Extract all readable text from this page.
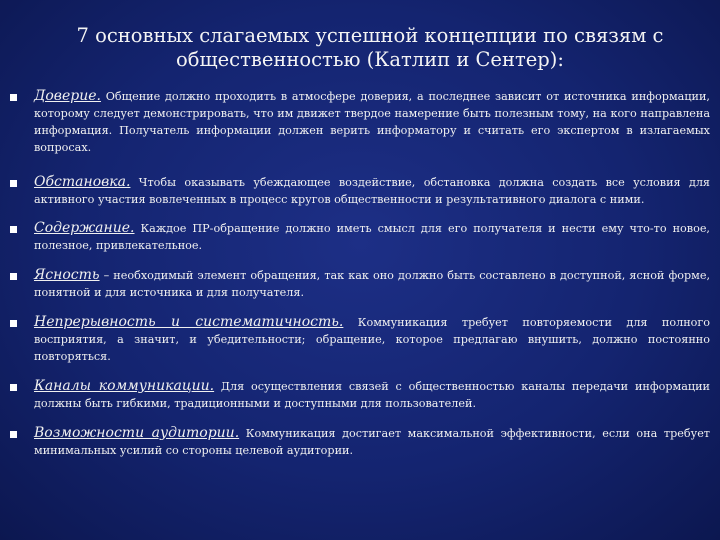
7 основных слагаемых успешной концепции по связям с общественностью (Катлип и Сентер):
Доверие. Общение должно проходить в атмосфере доверия, а последнее зависит от источника информации, которому следует демонстрировать, что им движет твердое намерение быть полезным тому, на кого направлена информация. Получатель информации должен верить информатору и считать его экспертом в излагаемых вопросах.
Обстановка. Чтобы оказывать убеждающее воздействие, обстановка должна создать все условия для активного участия вовлеченных в процесс кругов общественности и результативного диалога с ними.
Содержание. Каждое ПР-обращение должно иметь смысл для его получателя и нести ему что-то новое, полезное, привлекательное.
Ясность – необходимый элемент обращения, так как оно должно быть составлено в доступной, ясной форме, понятной и для источника и для получателя.
Непрерывность и систематичность. Коммуникация требует повторяемости для полного восприятия, а значит, и убедительности; обращение, которое предлагаю внушить, должно постоянно повторяться.
Каналы коммуникации. Для осуществления связей с общественностью каналы передачи информации должны быть гибкими, традиционными и доступными для пользователей.
Возможности аудитории. Коммуникация достигает максимальной эффективности, если она требует минимальных усилий со стороны целевой аудитории.
